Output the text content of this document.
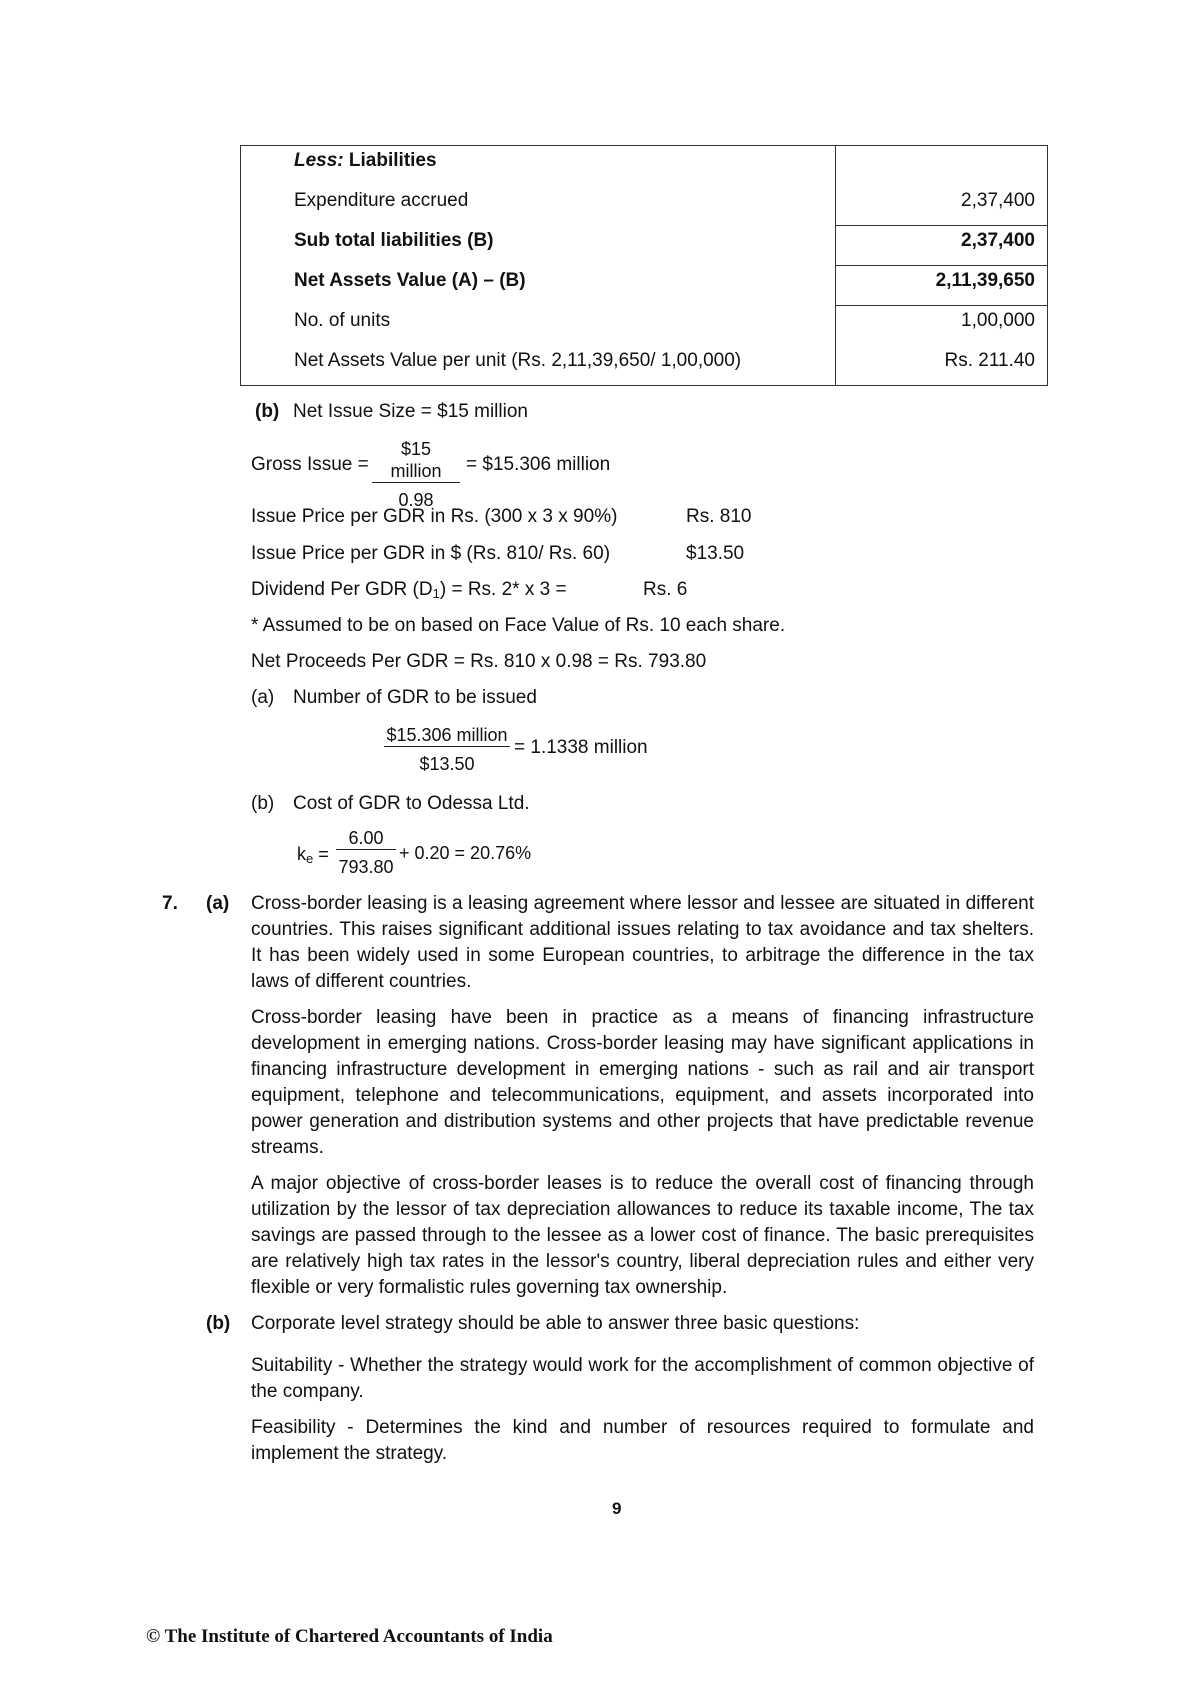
Less: Liabilities
Expenditure accrued	2,37,400
Sub total liabilities (B)	2,37,400
Net Assets Value (A) – (B)	2,11,39,650
No. of units	1,00,000
Net Assets Value per unit (Rs. 2,11,39,650/ 1,00,000)	Rs. 211.40
(b) Net Issue Size = $15 million
Gross Issue =
$15 million
0.98
= $15.306 million
Issue Price per GDR in Rs. (300 x 3 x 90%)	Rs. 810
Issue Price per GDR in $ (Rs. 810/ Rs. 60)	$13.50
Dividend Per GDR $(D_1) = Rs$. 2* x 3 =	Rs. 6
* Assumed to be on based on Face Value of Rs. 10 each share.
Net Proceeds Per GDR = Rs. 810 x 0.98 = Rs. 793.80
(a) Number of GDR to be issued
$15.306 million
$13.50
= 1.1338 million
(b) Cost of GDR to Odessa Ltd.
$k_e = \frac{6.00}{793.80} + 0.20 = 20.76\%$
7. (a) Cross-border leasing is a leasing agreement where lessor and lessee are situated in different countries. This raises significant additional issues relating to tax avoidance and tax shelters. It has been widely used in some European countries, to arbitrage the difference in the tax laws of different countries.
Cross-border leasing have been in practice as a means of financing infrastructure development in emerging nations. Cross-border leasing may have significant applications in financing infrastructure development in emerging nations - such as rail and air transport equipment, telephone and telecommunications, equipment, and assets incorporated into power generation and distribution systems and other projects that have predictable revenue streams.
A major objective of cross-border leases is to reduce the overall cost of financing through utilization by the lessor of tax depreciation allowances to reduce its taxable income, The tax savings are passed through to the lessee as a lower cost of finance. The basic prerequisites are relatively high tax rates in the lessor's country, liberal depreciation rules and either very flexible or very formalistic rules governing tax ownership.
(b) Corporate level strategy should be able to answer three basic questions:
Suitability - Whether the strategy would work for the accomplishment of common objective of the company.
Feasibility - Determines the kind and number of resources required to formulate and implement the strategy.
9
© The Institute of Chartered Accountants of India
